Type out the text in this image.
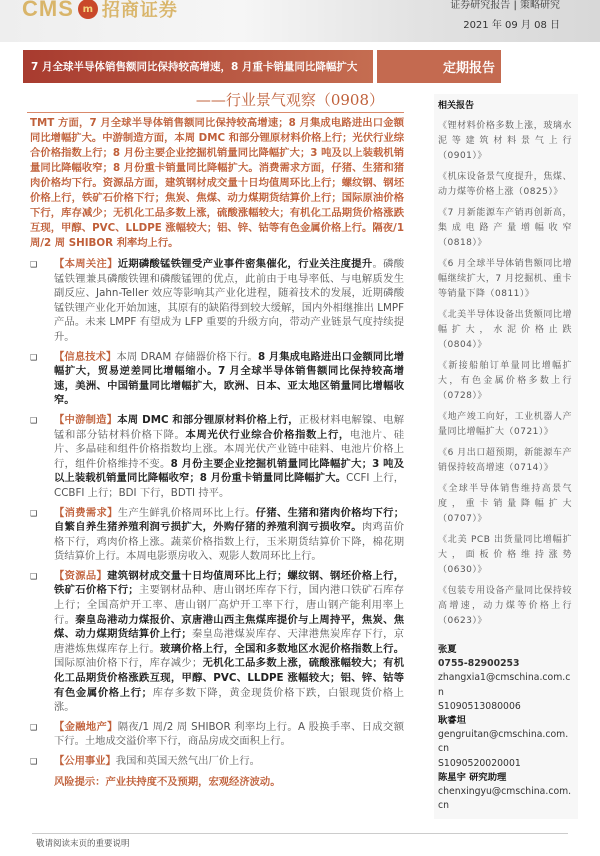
CMS m 招商证券	证券研究报告 | 策略研究
2021 年 09 月 08 日
7 月全球半导体销售额同比保持较高增速，8 月重卡销量同比降幅扩大	定期报告
——行业景气观察（0908）
TMT 方面，7 月全球半导体销售额同比保持较高增速；8 月集成电路进出口金额同比增幅扩大。中游制造方面，本周 DMC 和部分锂原材料价格上行；光伏行业综合价格指数上行；8 月份主要企业挖掘机销量同比降幅扩大；3 吨及以上装载机销量同比降幅收窄；8 月份重卡销量同比降幅扩大。消费需求方面，仔猪、生猪和猪肉价格均下行。资源品方面，建筑钢材成交量十日均值周环比上行；螺纹钢、钢坯价格上行，铁矿石价格下行；焦炭、焦煤、动力煤期货结算价上行；国际原油价格下行，库存减少；无机化工品多数上涨，硫酸涨幅较大；有机化工品期货价格涨跌互现，甲醇、PVC、LLDPE 涨幅较大；铝、锌、钴等有色金属价格上行。隔夜/1 周/2 周 SHIBOR 利率均上行。
❑	【本周关注】近期磷酸锰铁锂受产业事件密集催化，行业关注度提升。磷酸锰铁锂兼具磷酸铁锂和磷酸锰锂的优点，此前由于电导率低、与电解质发生副反应、Jahn-Teller 效应等影响其产业化进程，随着技术的发展，近期磷酸锰铁锂产业化开始加速，其原有的缺陷得到较大缓解，国内外相继推出 LMPF 产品。未来 LMPF 有望成为 LFP 重要的升级方向，带动产业链景气度持续提升。
❑	【信息技术】本周 DRAM 存储器价格下行。8 月集成电路进出口金额同比增幅扩大，贸易逆差同比增幅缩小。7 月全球半导体销售额同比保持较高增速，美洲、中国销量同比增幅扩大，欧洲、日本、亚太地区销量同比增幅收窄。
❑	【中游制造】本周 DMC 和部分锂原材料价格上行，正极材料电解镍、电解锰和部分钴材料价格下降。本周光伏行业综合价格指数上行，电池片、硅片、多晶硅和组件价格指数均上涨。本周光伏产业链中硅料、电池片价格上行，组件价格维持不变。8 月份主要企业挖掘机销量同比降幅扩大；3 吨及以上装载机销量同比降幅收窄；8 月份重卡销量同比降幅扩大。CCFI 上行，CCBFI 上行；BDI 下行，BDTI 持平。
❑	【消费需求】生产生鲜乳价格周环比上行。仔猪、生猪和猪肉价格均下行；自繁自养生猪养殖利润亏损扩大，外购仔猪的养殖利润亏损收窄。肉鸡苗价格下行，鸡肉价格上涨。蔬菜价格指数上行，玉米期货结算价下降，棉花期货结算价上行。本周电影票房收入、观影人数周环比上行。
❑	【资源品】建筑钢材成交量十日均值周环比上行；螺纹钢、钢坯价格上行，铁矿石价格下行；主要钢材品种、唐山钢坯库存下行，国内港口铁矿石库存上行；全国高炉开工率、唐山钢厂高炉开工率下行，唐山钢产能利用率上行。秦皇岛港动力煤报价、京唐港山西主焦煤库提价与上周持平，焦炭、焦煤、动力煤期货结算价上行；秦皇岛港煤炭库存、天津港焦炭库存下行，京唐港炼焦煤库存上行。玻璃价格上行，全国和多数地区水泥价格指数上行。国际原油价格下行，库存减少；无机化工品多数上涨，硫酸涨幅较大；有机化工品期货价格涨跌互现，甲醇、PVC、LLDPE 涨幅较大；铝、锌、钴等有色金属价格上行；库存多数下降，黄金现货价格下跌，白银现货价格上涨。
❑	【金融地产】隔夜/1 周/2 周 SHIBOR 利率均上行。A 股换手率、日成交额下行。土地成交溢价率下行，商品房成交面积上行。
❑	【公用事业】我国和英国天然气出厂价上行。
风险提示：产业扶持度不及预期，宏观经济波动。
相关报告
《锂材料价格多数上涨，玻璃水泥等建筑材料景气上行（0901）》
《机床设备景气度提升，焦煤、动力煤等价格上涨（0825）》
《7 月新能源车产销再创新高，集成电路产量增幅收窄（0818）》
《6 月全球半导体销售额同比增幅继续扩大，7 月挖掘机、重卡等销量下降（0811）》
《北美半导体设备出货额同比增幅扩大，水泥价格止跌（0804）》
《新接船舶订单量同比增幅扩大，有色金属价格多数上行（0728）》
《地产竣工向好，工业机器人产量同比增幅扩大（0721）》
《6 月出口超预期，新能源车产销保持较高增速（0714）》
《全球半导体销售维持高景气度，重卡销量降幅扩大（0707）》
《北美 PCB 出货量同比增幅扩大，面板价格维持涨势（0630）》
《包装专用设备产量同比保持较高增速，动力煤等价格上行（0623）》
张夏
0755-82900253
zhangxia1@cmschina.com.cn
S1090513080006
耿睿坦
gengruitan@cmschina.com.cn
S1090520020001
陈星宇 研究助理
chenxingyu@cmschina.com.cn
敬请阅读末页的重要说明
